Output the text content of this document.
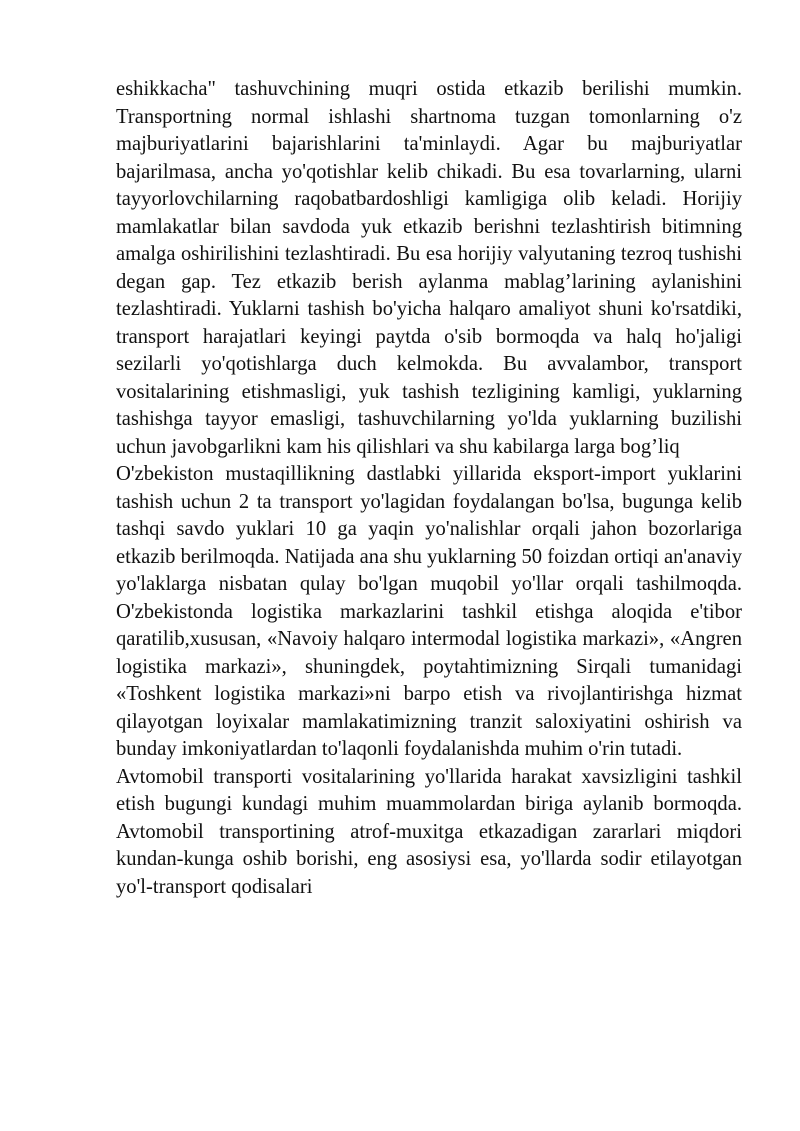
eshikkacha" tashuvchining muqri ostida etkazib berilishi mumkin. Transportning normal ishlashi shartnoma tuzgan tomonlarning o'z majburiyatlarini bajarishlarini ta'minlaydi. Agar bu majburiyatlar bajarilmasa, ancha yo'qotishlar kelib chikadi. Bu esa tovarlarning, ularni tayyorlovchilarning raqobatbardoshligi kamligiga olib keladi. Horijiy mamlakatlar bilan savdoda yuk etkazib berishni tezlashtirish bitimning amalga oshirilishini tezlashtiradi. Bu esa horijiy valyutaning tezroq tushishi degan gap. Tez etkazib berish aylanma mablag’larining aylanishini tezlashtiradi. Yuklarni tashish bo'yicha halqaro amaliyot shuni ko'rsatdiki, transport harajatlari keyingi paytda o'sib bormoqda va halq ho'jaligi sezilarli yo'qotishlarga duch kelmokda. Bu avvalambor, transport vositalarining etishmasligi, yuk tashish tezligining kamligi, yuklarning tashishga tayyor emasligi, tashuvchilarning yo'lda yuklarning buzilishi uchun javobgarlikni kam his qilishlari va shu kabilarga larga bog’liq

O'zbekiston mustaqillikning dastlabki yillarida eksport-import yuklarini tashish uchun 2 ta transport yo'lagidan foydalangan bo'lsa, bugunga kelib tashqi savdo yuklari 10 ga yaqin yo'nalishlar orqali jahon bozorlariga etkazib berilmoqda. Natijada ana shu yuklarning 50 foizdan ortiqi an'anaviy yo'laklarga nisbatan qulay bo'lgan muqobil yo'llar orqali tashilmoqda. O'zbekistonda logistika markazlarini tashkil etishga aloqida e'tibor qaratilib,xususan, «Navoiy halqaro intermodal logistika markazi», «Angren logistika markazi», shuningdek, poytahtimizning Sirqali tumanidagi «Toshkent logistika markazi»ni barpo etish va rivojlantirishga hizmat qilayotgan loyixalar mamlakatimizning tranzit saloxiyatini oshirish va bunday imkoniyatlardan to'laqonli foydalanishda muhim o'rin tutadi.

Avtomobil transporti vositalarining yo'llarida harakat xavsizligini tashkil etish bugungi kundagi muhim muammolardan biriga aylanib bormoqda. Avtomobil transportining atrof-muxitga etkazadigan zararlari miqdori kundan-kunga oshib borishi, eng asosiysi esa, yo'llarda sodir etilayotgan yo'l-transport qodisalari
